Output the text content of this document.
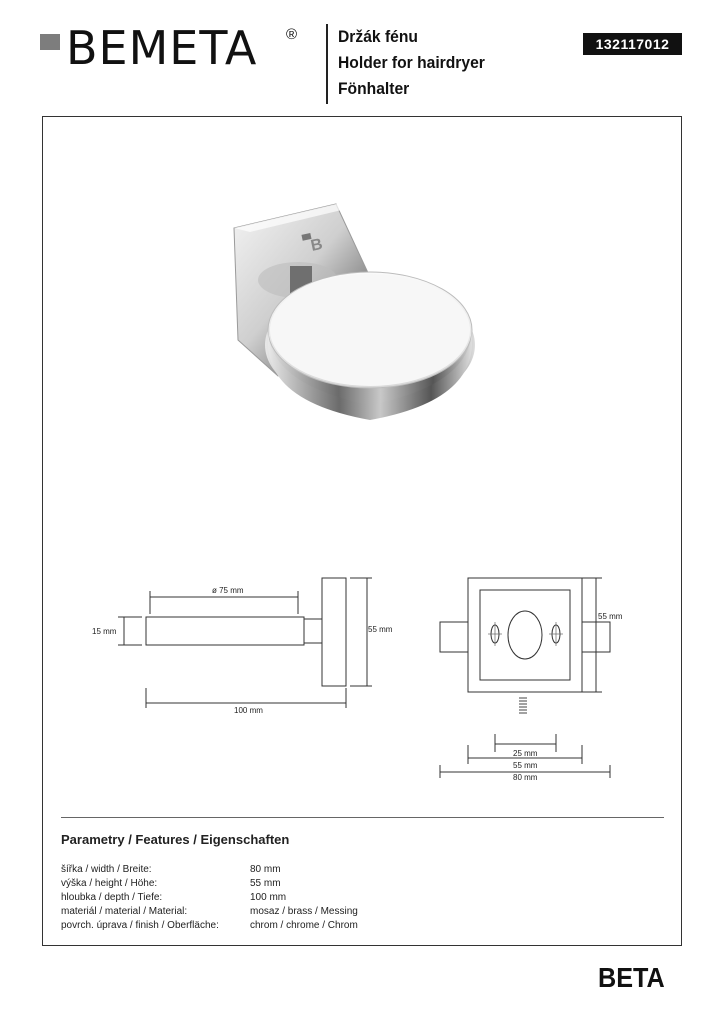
BEMETA ® Držák fénu
Holder for hairdryer
Fönhalter
132117012
B
ø 75 mm
15 mm	55 mm
100 mm
55 mm
25 mm
55 mm
80 mm
Parametry / Features / Eigenschaften
šířka / width / Breite:	80 mm
výška / height / Höhe:	55 mm
hloubka / depth / Tiefe:	100 mm
materiál / material / Material:	mosaz / brass / Messing
povrch. úprava / finish / Oberfläche:	chrom / chrome / Chrom
BETA
